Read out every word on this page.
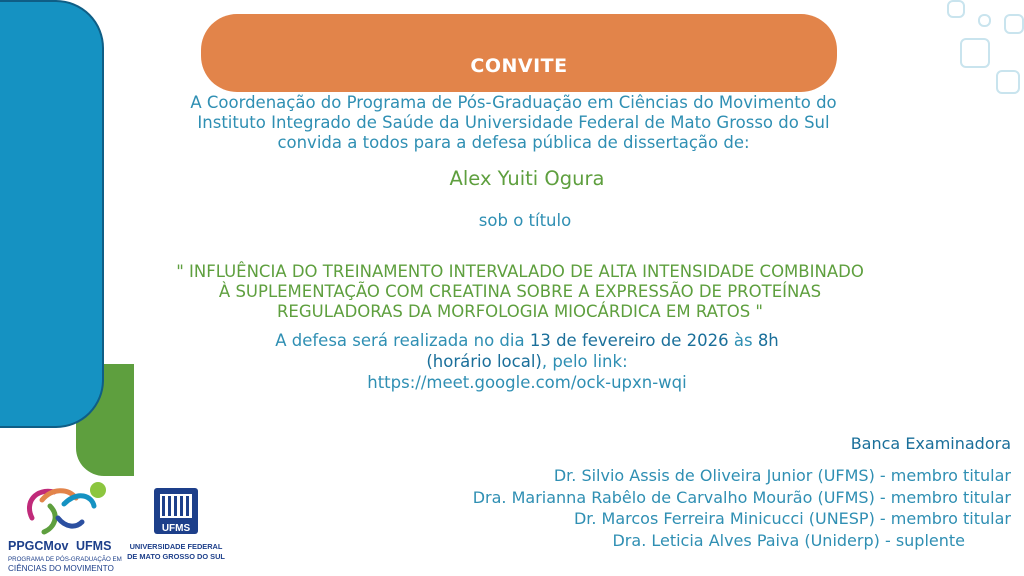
CONVITE
A Coordenação do Programa de Pós-Graduação em Ciências do Movimento do
Instituto Integrado de Saúde da Universidade Federal de Mato Grosso do Sul
convida a todos para a defesa pública de dissertação de:
Alex Yuiti Ogura
sob o título
" INFLUÊNCIA DO TREINAMENTO INTERVALADO DE ALTA INTENSIDADE COMBINADO
À SUPLEMENTAÇÃO COM CREATINA SOBRE A EXPRESSÃO DE PROTEÍNAS
REGULADORAS DA MORFOLOGIA MIOCÁRDICA EM RATOS "
A defesa será realizada no dia 13 de fevereiro de 2026 às 8h
(horário local), pelo link:
https://meet.google.com/ock-upxn-wqi
Banca Examinadora
Dr. Silvio Assis de Oliveira Junior (UFMS) - membro titular
Dra. Marianna Rabêlo de Carvalho Mourão (UFMS) - membro titular
Dr. Marcos Ferreira Minicucci (UNESP) - membro titular
Dra. Leticia Alves Paiva (Uniderp) - suplente
PPGCMov UFMS
PROGRAMA DE PÓS-GRADUAÇÃO EM
CIÊNCIAS DO MOVIMENTO
UFMS
UNIVERSIDADE FEDERAL
DE MATO GROSSO DO SUL
